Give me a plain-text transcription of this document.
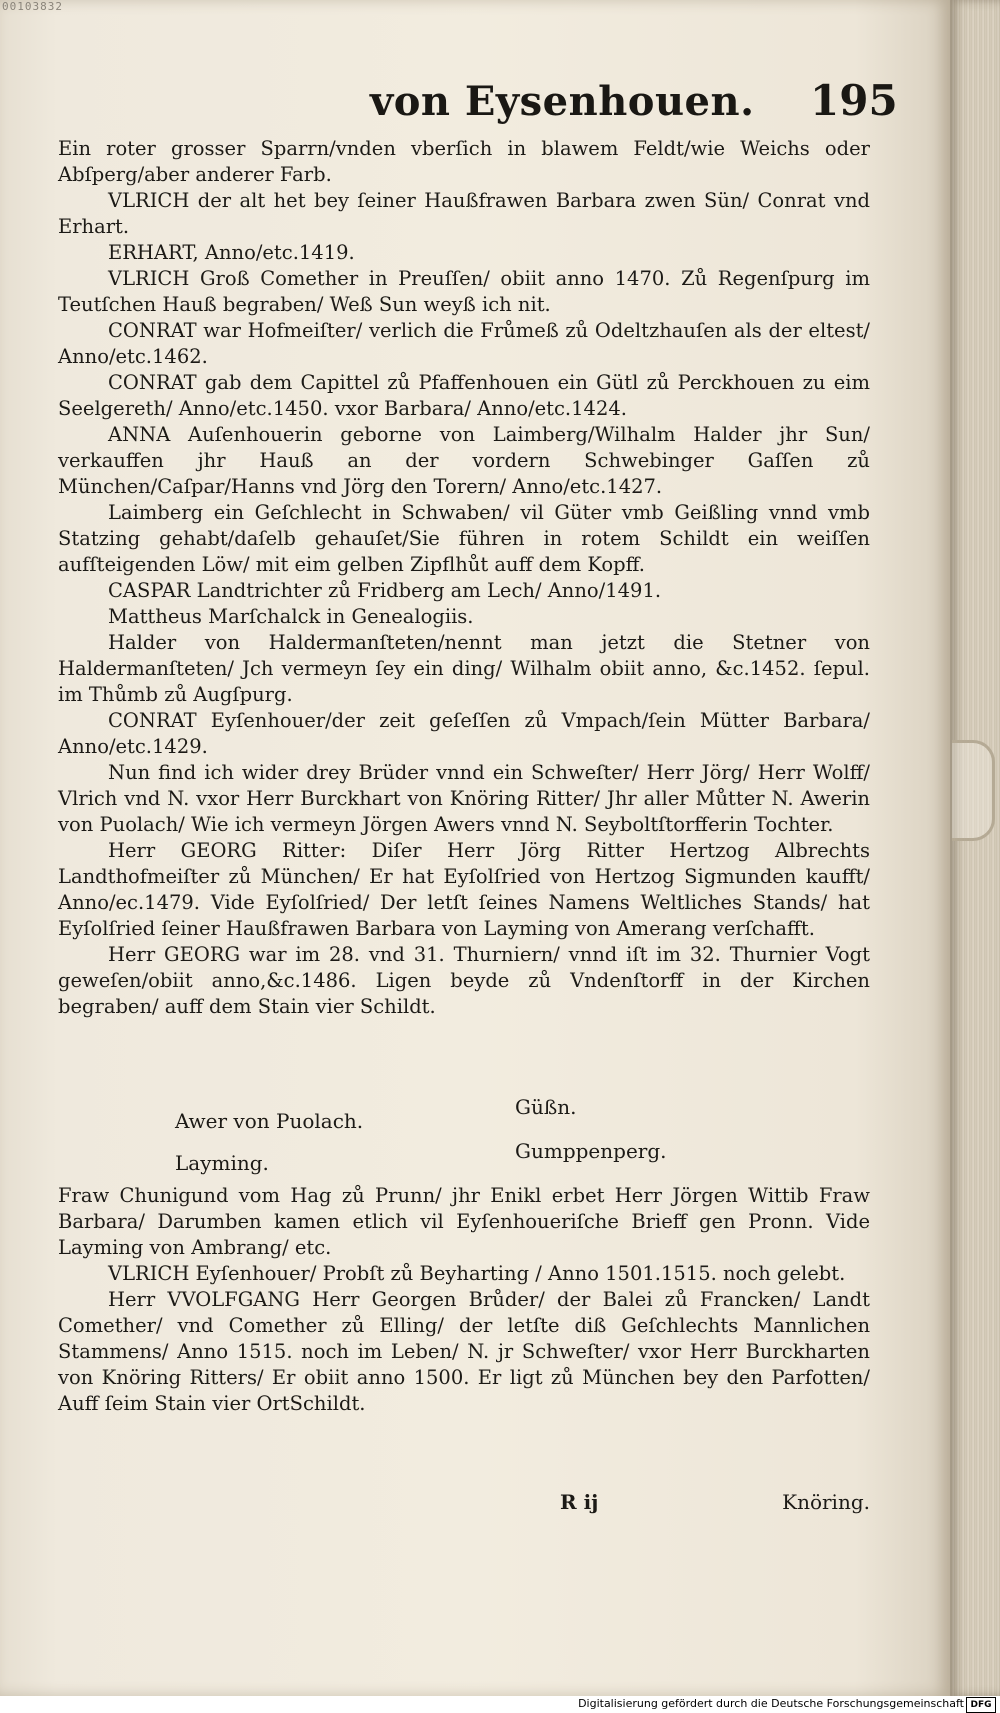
00103832
von Eysenhouen. 195

Ein roter grosser Sparrn/vnden vberſich in blawem Feldt/wie Weichs oder Abſperg/aber anderer Farb.

VLRICH der alt het bey ſeiner Haußfrawen Barbara zwen Sün/ Conrat vnd Erhart.

ERHART, Anno/etc.1419.

VLRICH Groß Comether in Preuſſen/ obiit anno 1470. Zů Regenſpurg im Teutſchen Hauß begraben/ Weß Sun weyß ich nit.

CONRAT war Hofmeiſter/ verlich die Frůmeß zů Odeltzhauſen als der eltest/ Anno/etc.1462.

CONRAT gab dem Capittel zů Pfaffenhouen ein Gütl zů Perckhouen zu eim Seelgereth/ Anno/etc.1450. vxor Barbara/ Anno/etc.1424.

ANNA Auſenhouerin geborne von Laimberg/Wilhalm Halder jhr Sun/ verkauffen jhr Hauß an der vordern Schwebinger Gaſſen zů München/Caſpar/Hanns vnd Jörg den Torern/ Anno/etc.1427.

Laimberg ein Geſchlecht in Schwaben/ vil Güter vmb Geißling vnnd vmb Statzing gehabt/daſelb gehauſet/Sie führen in rotem Schildt ein weiſſen aufſteigenden Löw/ mit eim gelben Zipflhůt auff dem Kopff.

CASPAR Landtrichter zů Fridberg am Lech/ Anno/1491.

Mattheus Marſchalck in Genealogiis.

Halder von Haldermanſteten/nennt man jetzt die Stetner von Haldermanſteten/ Jch vermeyn ſey ein ding/ Wilhalm obiit anno, &c.1452. ſepul. im Thůmb zů Augſpurg.

CONRAT Eyſenhouer/der zeit geſeſſen zů Vmpach/ſein Mütter Barbara/ Anno/etc.1429.

Nun find ich wider drey Brüder vnnd ein Schweſter/ Herr Jörg/ Herr Wolff/ Vlrich vnd N. vxor Herr Burckhart von Knöring Ritter/ Jhr aller Můtter N. Awerin von Puolach/ Wie ich vermeyn Jörgen Awers vnnd N. Seyboltſtorfferin Tochter.

Herr GEORG Ritter: Diſer Herr Jörg Ritter Hertzog Albrechts Landthofmeiſter zů München/ Er hat Eyſolſried von Hertzog Sigmunden kaufft/ Anno/ec.1479. Vide Eyſolſried/ Der letſt ſeines Namens Weltliches Stands/ hat Eyſolſried ſeiner Haußfrawen Barbara von Layming von Amerang verſchafft.

Herr GEORG war im 28. vnd 31. Thurniern/ vnnd iſt im 32. Thurnier Vogt geweſen/obiit anno,&c.1486. Ligen beyde zů Vndenſtorff in der Kirchen begraben/ auff dem Stain vier Schildt.

Awer von Puolach.
Güßn.
Layming.	Gumppenperg.

Fraw Chunigund vom Hag zů Prunn/ jhr Enikl erbet Herr Jörgen Wittib Fraw Barbara/ Darumben kamen etlich vil Eyſenhoueriſche Brieff gen Pronn. Vide Layming von Ambrang/ etc.

VLRICH Eyſenhouer/ Probſt zů Beyharting / Anno 1501.1515. noch gelebt.

Herr VVOLFGANG Herr Georgen Brůder/ der Balei zů Francken/ Landt Comether/ vnd Comether zů Elling/ der letſte diß Geſchlechts Mannlichen Stammens/ Anno 1515. noch im Leben/ N. jr Schweſter/ vxor Herr Burckharten von Knöring Ritters/ Er obiit anno 1500. Er ligt zů München bey den Parfotten/ Auff ſeim Stain vier OrtSchildt.

R ij	Knöring.
Digitalisierung gefördert durch die Deutsche Forschungsgemeinschaft DFG
